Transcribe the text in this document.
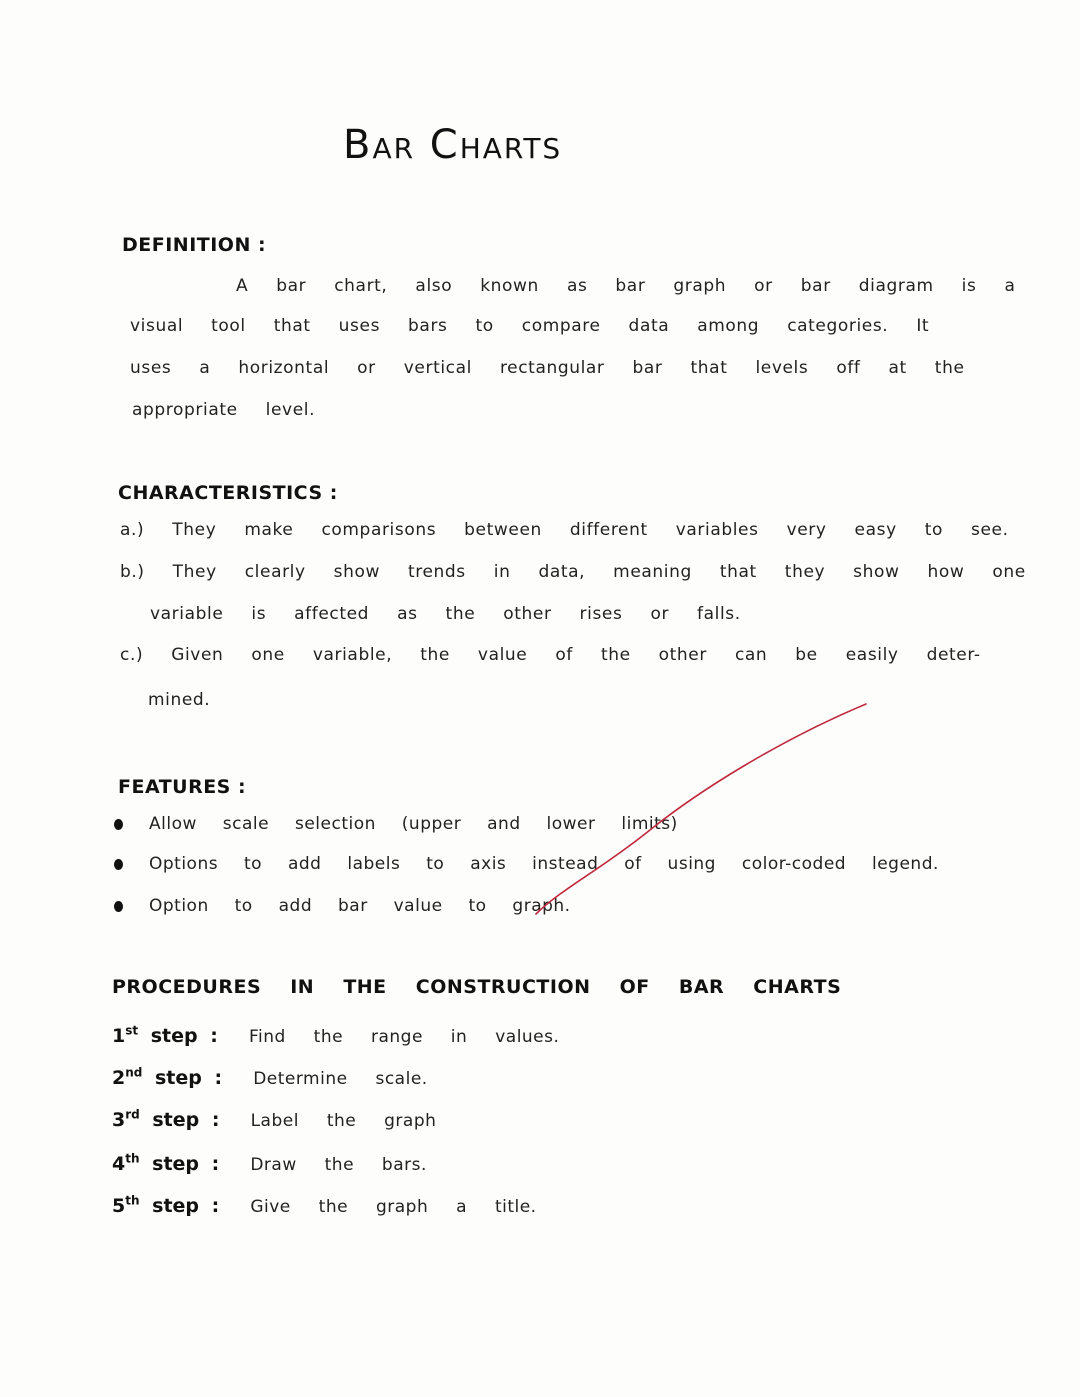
Bar Charts
DEFINITION :
A bar chart, also known as bar graph or bar diagram is a
visual tool that uses bars to compare data among categories. It
uses a horizontal or vertical rectangular bar that levels off at the
appropriate level.
CHARACTERISTICS :
a.) They make comparisons between different variables very easy to see.
b.) They clearly show trends in data, meaning that they show how one
variable is affected as the other rises or falls.
c.) Given one variable, the value of the other can be easily deter-
mined.
FEATURES :
Allow scale selection (upper and lower limits)
Options to add labels to axis instead of using color-coded legend.
Option to add bar value to graph.
PROCEDURES IN THE CONSTRUCTION OF BAR CHARTS
1st step : Find the range in values.
2nd step : Determine scale.
3rd step : Label the graph
4th step : Draw the bars.
5th step : Give the graph a title.
